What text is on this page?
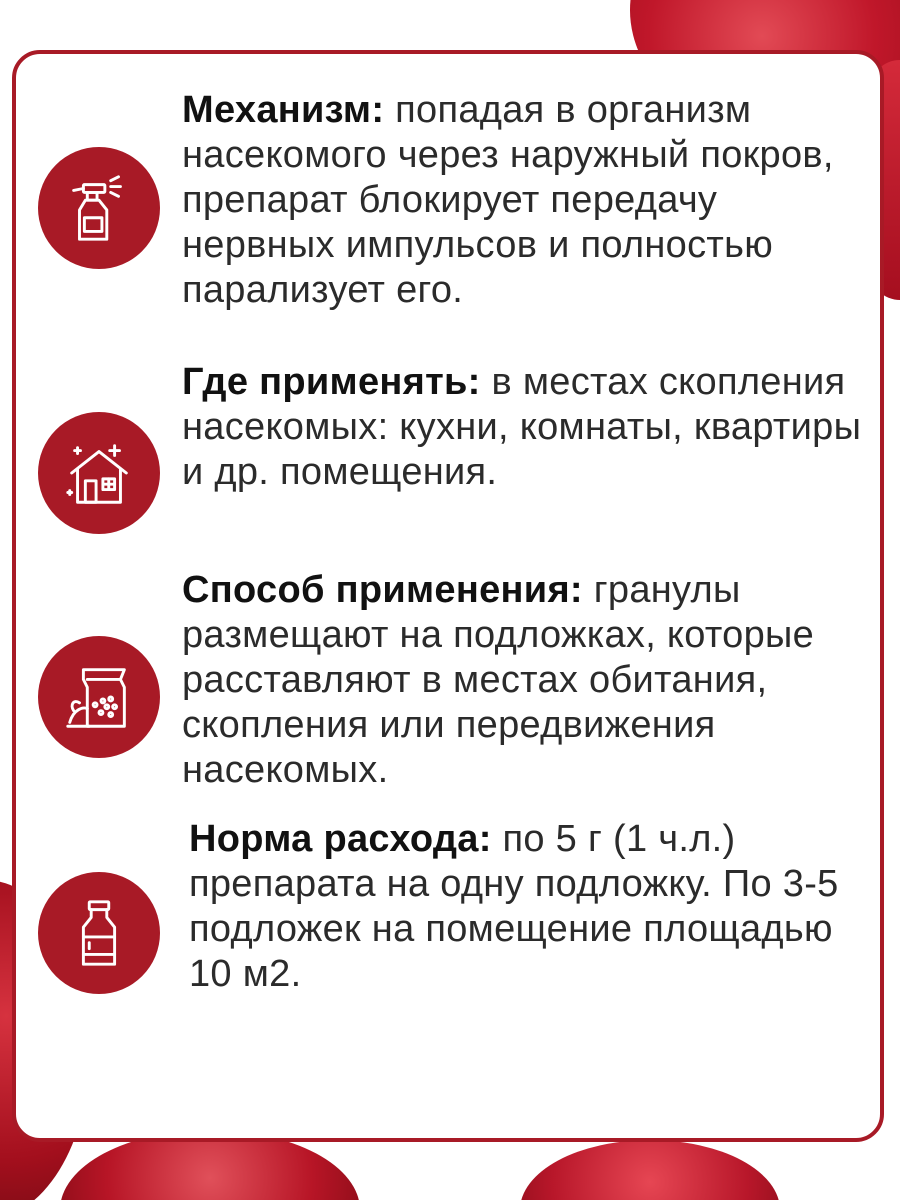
Механизм: попадая в организм насекомого через наружный покров, препарат блокирует передачу нервных импульсов и полностью парализует его.
Где применять: в местах скопления насекомых: кухни, комнаты, квартиры и др. помещения.
Способ применения: гранулы размещают на подложках, которые расставляют в местах обитания, скопления или передвижения насекомых.
Норма расхода: по 5 г (1 ч.л.) препарата на одну подложку. По 3-5 подложек на помещение площадью 10 м2.
